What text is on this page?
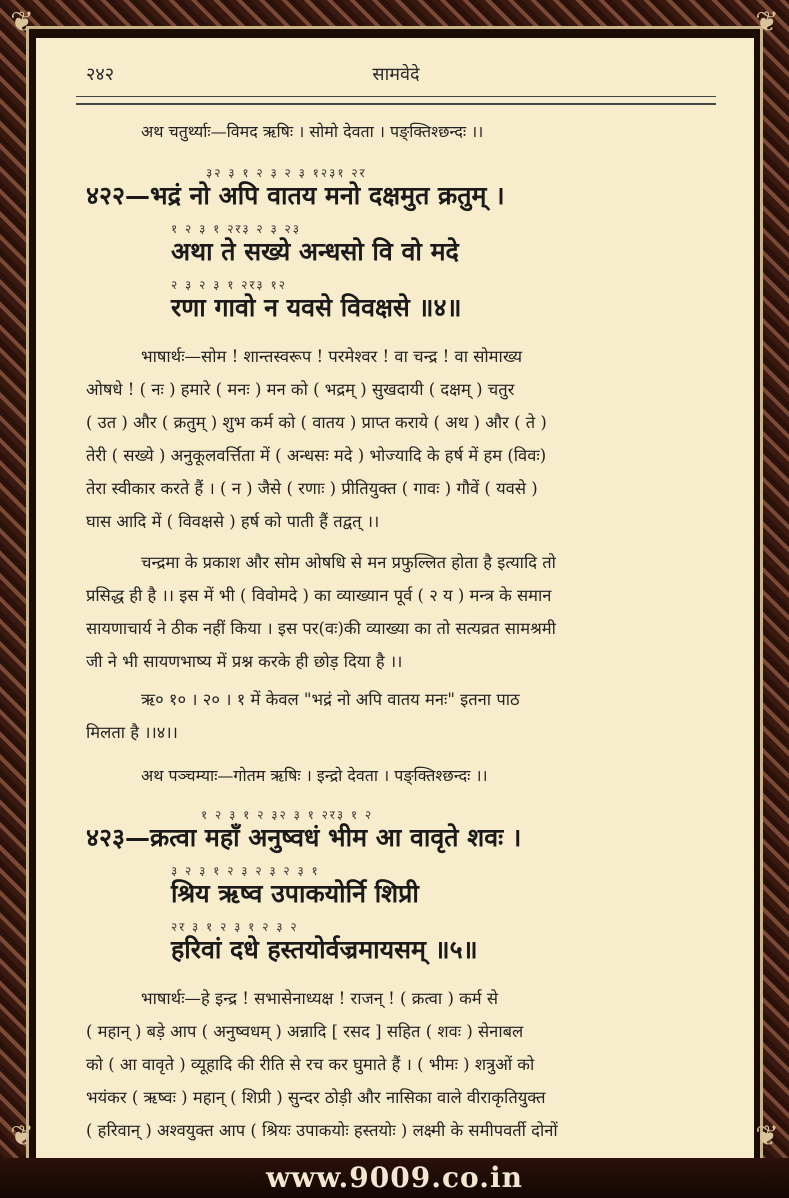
❦	❦
❦	❦
२४२	सामवेदे
अथ चतुर्थ्याः—विमद ऋषिः । सोमो देवता । पङ्क्तिश्छन्दः ।।
३२ ३ १ २ ३ २ ३ १२३१ २र
४२२—भद्रं नो अपि वातय मनो दक्षमुत क्रतुम् ।
१ २ ३ १ २र३ २ ३ २३
अथा ते सख्ये अन्धसो वि वो मदे
२ ३ २ ३ १ २र३ १२
रणा गावो न यवसे विवक्षसे ॥४॥
भाषार्थः—सोम ! शान्तस्वरूप ! परमेश्वर ! वा चन्द्र ! वा सोमाख्य
ओषधे ! ( नः ) हमारे ( मनः ) मन को ( भद्रम् ) सुखदायी ( दक्षम् ) चतुर
( उत ) और ( क्रतुम् ) शुभ कर्म को ( वातय ) प्राप्त कराये ( अथ ) और ( ते )
तेरी ( सख्ये ) अनुकूलवर्त्तिता में ( अन्धसः मदे ) भोज्यादि के हर्ष में हम (विवः)
तेरा स्वीकार करते हैं । ( न ) जैसे ( रणाः ) प्रीतियुक्त ( गावः ) गौवें ( यवसे )
घास आदि में ( विवक्षसे ) हर्ष को पाती हैं तद्वत् ।।
चन्द्रमा के प्रकाश और सोम ओषधि से मन प्रफुल्लित होता है इत्यादि तो
प्रसिद्ध ही है ।। इस में भी ( विवोमदे ) का व्याख्यान पूर्व ( २ य ) मन्त्र के समान
सायणाचार्य ने ठीक नहीं किया । इस पर(वः)की व्याख्या का तो सत्यव्रत सामश्रमी
जी ने भी सायणभाष्य में प्रश्न करके ही छोड़ दिया है ।।
ऋ० १० । २० । १ में केवल "भद्रं नो अपि वातय मनः" इतना पाठ
मिलता है ।।४।।
अथ पञ्चम्याः—गोतम ऋषिः । इन्द्रो देवता । पङ्क्तिश्छन्दः ।।
१ २ ३ १ २ ३२ ३ १ २र३ १ २
४२३—क्रत्वा महाँ अनुष्वधं भीम आ वावृते शवः ।
३ २ ३ १ २ ३ २ ३ २ ३ १
श्रिय ऋष्व उपाकयोर्नि शिप्री
२र ३ १ २ ३ १ २ ३ २
हरिवां दधे हस्तयोर्वज्रमायसम् ॥५॥
भाषार्थः—हे इन्द्र ! सभासेनाध्यक्ष ! राजन् ! ( क्रत्वा ) कर्म से
( महान् ) बड़े आप ( अनुष्वधम् ) अन्नादि [ रसद ] सहित ( शवः ) सेनाबल
को ( आ वावृते ) व्यूहादि की रीति से रच कर घुमाते हैं । ( भीमः ) शत्रुओं को
भयंकर ( ऋष्वः ) महान् ( शिप्री ) सुन्दर ठोड़ी और नासिका वाले वीराकृतियुक्त
( हरिवान् ) अश्वयुक्त आप ( श्रियः उपाकयोः हस्तयोः ) लक्ष्मी के समीपवर्ती दोनों
www.9009.co.in
